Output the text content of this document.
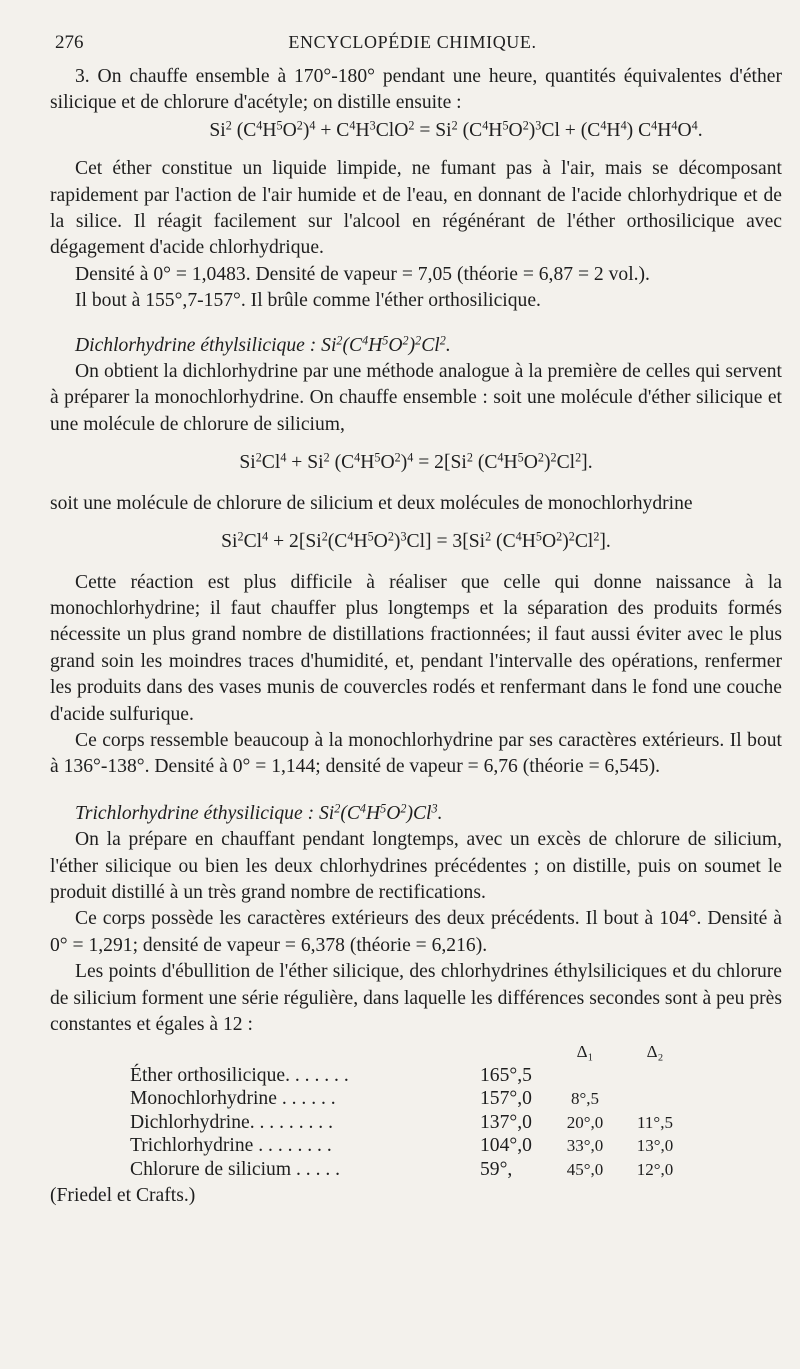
276	ENCYCLOPÉDIE CHIMIQUE.

3. On chauffe ensemble à 170°-180° pendant une heure, quantités équivalentes d'éther silicique et de chlorure d'acétyle; on distille ensuite :

Si$^2$ $(C^4H^5O^2)^4 + C^4H^3ClO^2 = Si^2$ $(C^4H^5O^2)^3Cl + (C^4H^4)$ $C^4H^4O^4$.

Cet éther constitue un liquide limpide, ne fumant pas à l'air, mais se décomposant rapidement par l'action de l'air humide et de l'eau, en donnant de l'acide chlorhydrique et de la silice. Il réagit facilement sur l'alcool en régénérant de l'éther orthosilicique avec dégagement d'acide chlorhydrique.

Densité à 0° = 1,0483. Densité de vapeur = 7,05 (théorie = 6,87 = 2 vol.).

Il bout à 155°,7-157°. Il brûle comme l'éther orthosilicique.

Dichlorhydrine éthylsilicique : $Si^2(C^4H^5O^2)^2Cl^2$.

On obtient la dichlorhydrine par une méthode analogue à la première de celles qui servent à préparer la monochlorhydrine. On chauffe ensemble : soit une molécule d'éther silicique et une molécule de chlorure de silicium,

$Si^2Cl^4 + Si^2$ $(C^4H^5O^2)^4 = 2[Si^2$ $(C^4H^5O^2)^2Cl^2$].

soit une molécule de chlorure de silicium et deux molécules de monochlorhydrine

$Si^2Cl^4 + 2[Si^2(C^4H^5O^2)^3Cl] = 3[Si^2$ $(C^4H^5O^2)^2Cl^2$].

Cette réaction est plus difficile à réaliser que celle qui donne naissance à la monochlorhydrine; il faut chauffer plus longtemps et la séparation des produits formés nécessite un plus grand nombre de distillations fractionnées; il faut aussi éviter avec le plus grand soin les moindres traces d'humidité, et, pendant l'intervalle des opérations, renfermer les produits dans des vases munis de couvercles rodés et renfermant dans le fond une couche d'acide sulfurique.

Ce corps ressemble beaucoup à la monochlorhydrine par ses caractères extérieurs. Il bout à 136°-138°. Densité à 0° = 1,144; densité de vapeur = 6,76 (théorie = 6,545).

Trichlorhydrine éthysilicique : $Si^2(C^4H^5O^2)Cl^3$.

On la prépare en chauffant pendant longtemps, avec un excès de chlorure de silicium, l'éther silicique ou bien les deux chlorhydrines précédentes ; on distille, puis on soumet le produit distillé à un très grand nombre de rectifications.

Ce corps possède les caractères extérieurs des deux précédents. Il bout à 104°. Densité à 0° = 1,291; densité de vapeur = 6,378 (théorie = 6,216).

Les points d'ébullition de l'éther silicique, des chlorhydrines éthylsiliciques et du chlorure de silicium forment une série régulière, dans laquelle les différences secondes sont à peu près constantes et égales à 12 :

		Δ₁	Δ₂
Éther orthosilicique. . . . . . .	165°,5		
Monochlorhydrine . . . . . .	157°,0	8°,5	
Dichlorhydrine. . . . . . . . .	137°,0	20°,0	11°,5
Trichlorhydrine . . . . . . . .	104°,0	33°,0	13°,0
Chlorure de silicium . . . . .	59°,	45°,0	12°,0

(Friedel et Crafts.)
